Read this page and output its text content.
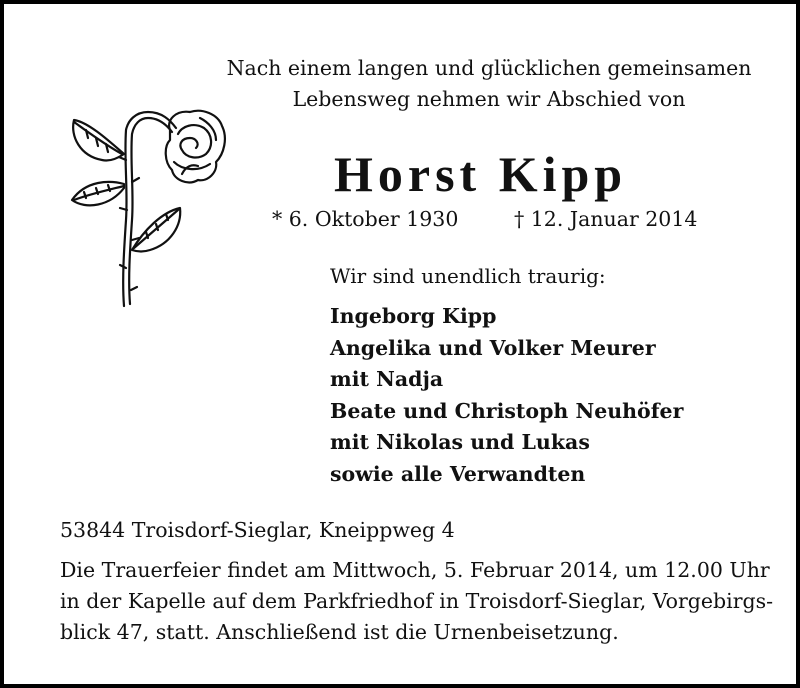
Nach einem langen und glücklichen gemeinsamen
Lebensweg nehmen wir Abschied von
Horst Kipp
* 6. Oktober 1930	† 12. Januar 2014
Wir sind unendlich traurig:
Ingeborg Kipp
Angelika und Volker Meurer
mit Nadja
Beate und Christoph Neuhöfer
mit Nikolas und Lukas
sowie alle Verwandten
53844 Troisdorf-Sieglar, Kneippweg 4
Die Trauerfeier findet am Mittwoch, 5. Februar 2014, um 12.00 Uhr
in der Kapelle auf dem Parkfriedhof in Troisdorf-Sieglar, Vorgebirgs-
blick 47, statt. Anschließend ist die Urnenbeisetzung.
